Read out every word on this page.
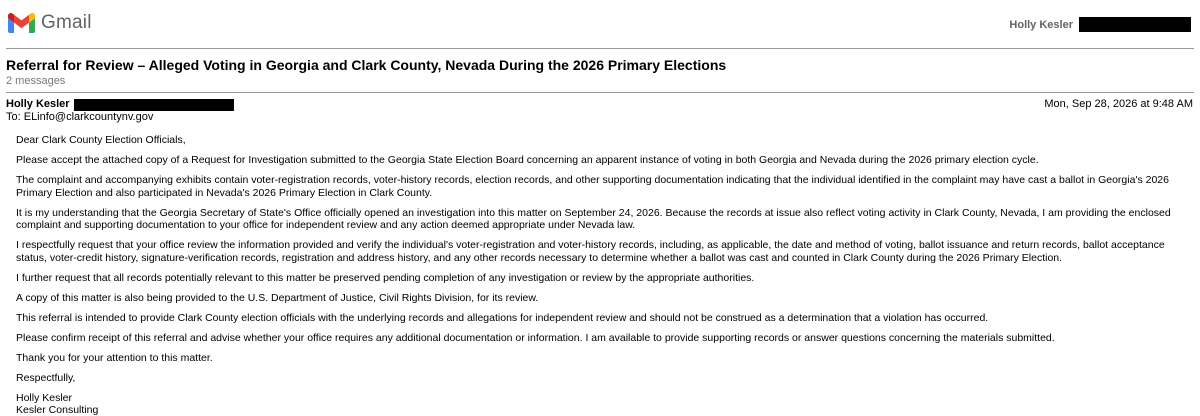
Gmail	Holly Kesler
Referral for Review – Alleged Voting in Georgia and Clark County, Nevada During the 2026 Primary Elections
2 messages
Holly Kesler
To: ELinfo@clarkcountynv.gov
Mon, Sep 28, 2026 at 9:48 AM

Dear Clark County Election Officials,

Please accept the attached copy of a Request for Investigation submitted to the Georgia State Election Board concerning an apparent instance of voting in both Georgia and Nevada during the 2026 primary election cycle.

The complaint and accompanying exhibits contain voter-registration records, voter-history records, election records, and other supporting documentation indicating that the individual identified in the complaint may have cast a ballot in Georgia's 2026 Primary Election and also participated in Nevada's 2026 Primary Election in Clark County.

It is my understanding that the Georgia Secretary of State's Office officially opened an investigation into this matter on September 24, 2026. Because the records at issue also reflect voting activity in Clark County, Nevada, I am providing the enclosed complaint and supporting documentation to your office for independent review and any action deemed appropriate under Nevada law.

I respectfully request that your office review the information provided and verify the individual's voter-registration and voter-history records, including, as applicable, the date and method of voting, ballot issuance and return records, ballot acceptance status, voter-credit history, signature-verification records, registration and address history, and any other records necessary to determine whether a ballot was cast and counted in Clark County during the 2026 Primary Election.

I further request that all records potentially relevant to this matter be preserved pending completion of any investigation or review by the appropriate authorities.

A copy of this matter is also being provided to the U.S. Department of Justice, Civil Rights Division, for its review.

This referral is intended to provide Clark County election officials with the underlying records and allegations for independent review and should not be construed as a determination that a violation has occurred.

Please confirm receipt of this referral and advise whether your office requires any additional documentation or information. I am available to provide supporting records or answer questions concerning the materials submitted.

Thank you for your attention to this matter.

Respectfully,

Holly Kesler
Kesler Consulting
